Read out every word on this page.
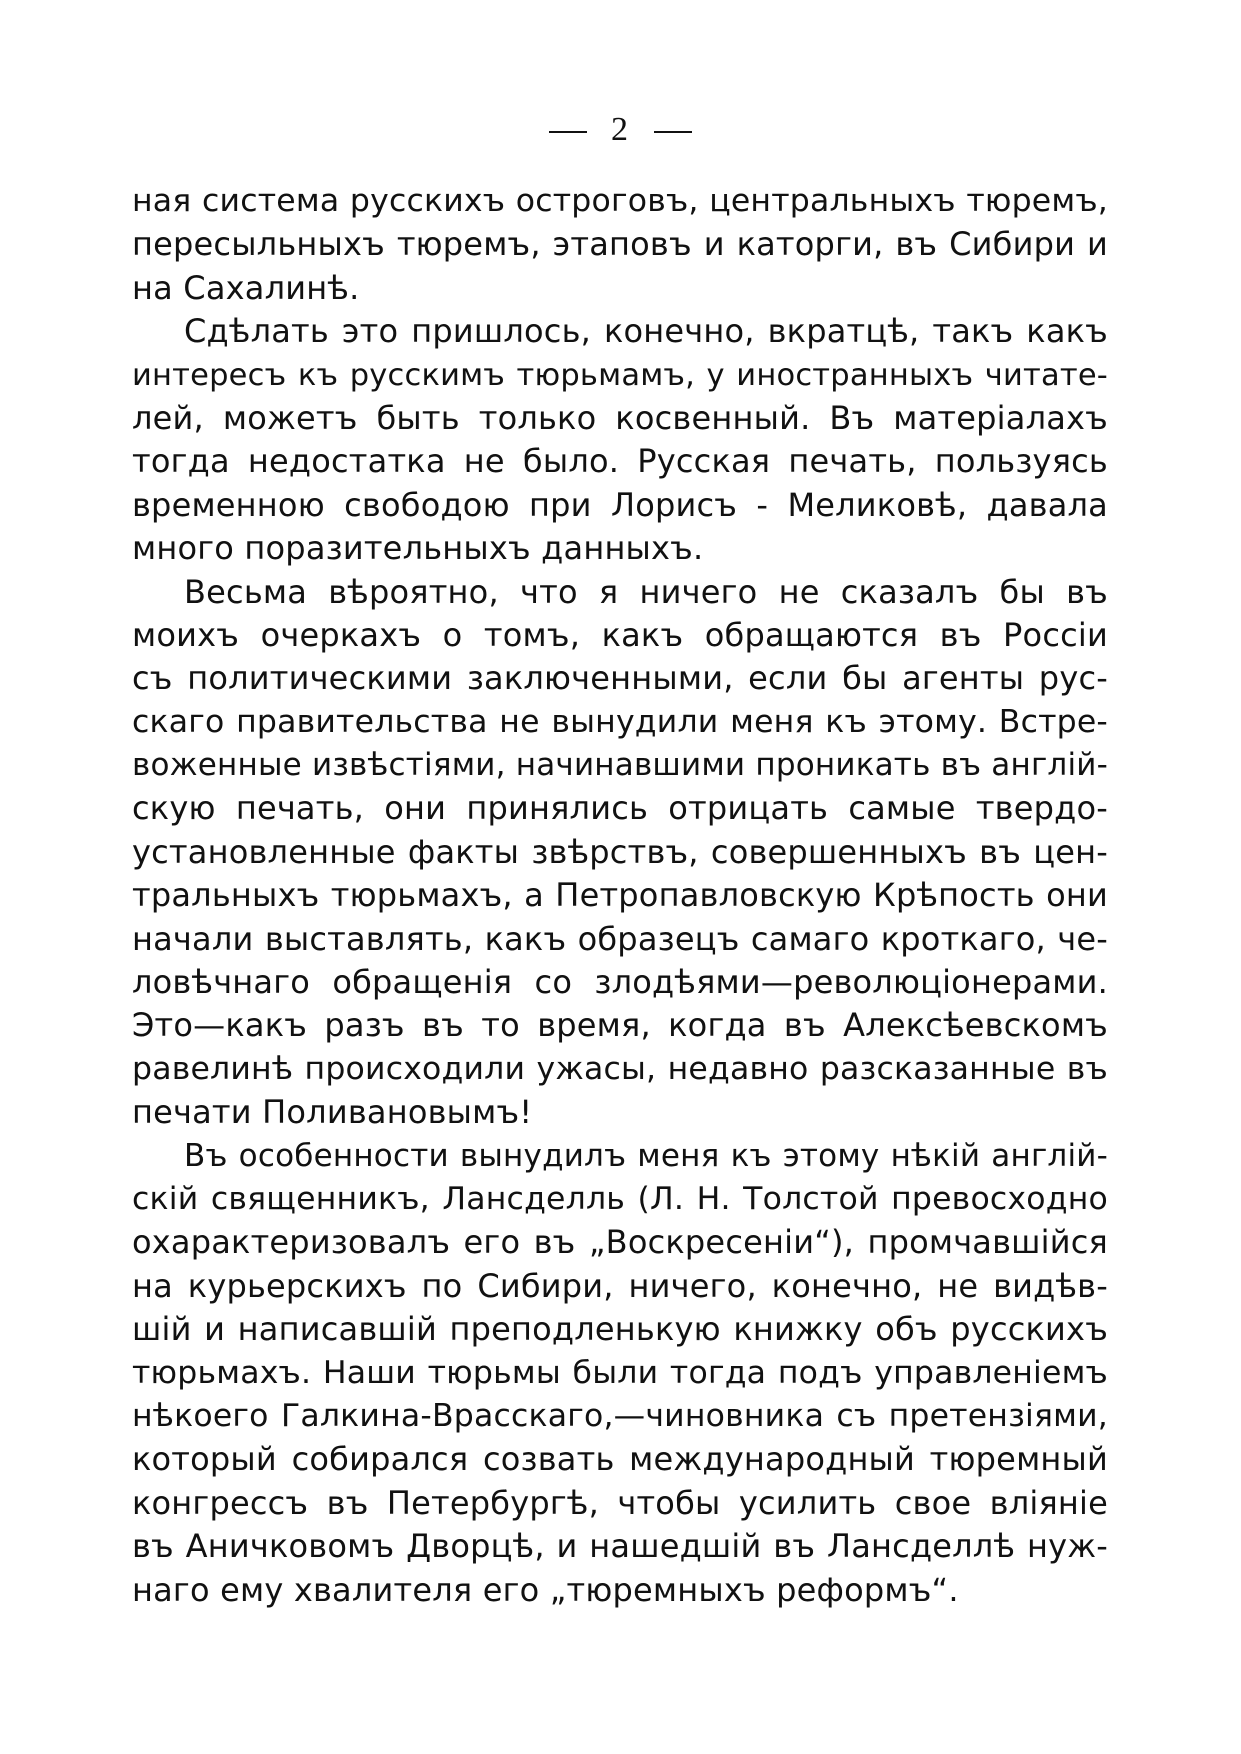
2
ная система русскихъ остроговъ, центральныхъ тюремъ,
пересыльныхъ тюремъ, этаповъ и каторги, въ Сибири и
на Сахалинѣ.
Сдѣлать это пришлось, конечно, вкратцѣ, такъ какъ
интересъ къ русскимъ тюрьмамъ, у иностранныхъ читате-
лей, можетъ быть только косвенный. Въ матеріалахъ
тогда недостатка не было. Русская печать, пользуясь
временною свободою при Лорисъ - Меликовѣ, давала
много поразительныхъ данныхъ.
Весьма вѣроятно, что я ничего не сказалъ бы въ
моихъ очеркахъ о томъ, какъ обращаются въ Россіи
съ политическими заключенными, если бы агенты рус-
скаго правительства не вынудили меня къ этому. Встре-
воженные извѣстіями, начинавшими проникать въ англій-
скую печать, они принялись отрицать самые твердо-
установленные факты звѣрствъ, совершенныхъ въ цен-
тральныхъ тюрьмахъ, а Петропавловскую Крѣпость они
начали выставлять, какъ образецъ самаго кроткаго, че-
ловѣчнаго обращенія со злодѣями—революціонерами.
Это—какъ разъ въ то время, когда въ Алексѣевскомъ
равелинѣ происходили ужасы, недавно разсказанные въ
печати Поливановымъ!
Въ особенности вынудилъ меня къ этому нѣкій англій-
скій священникъ, Лансделль (Л. Н. Толстой превосходно
охарактеризовалъ его въ „Воскресеніи“), промчавшійся
на курьерскихъ по Сибири, ничего, конечно, не видѣв-
шій и написавшій преподленькую книжку объ русскихъ
тюрьмахъ. Наши тюрьмы были тогда подъ управленіемъ
нѣкоего Галкина-Врасскаго,—чиновника съ претензіями,
который собирался созвать международный тюремный
конгрессъ въ Петербургѣ, чтобы усилить свое вліяніе
въ Аничковомъ Дворцѣ, и нашедшій въ Лансделлѣ нуж-
наго ему хвалителя его „тюремныхъ реформъ“.
